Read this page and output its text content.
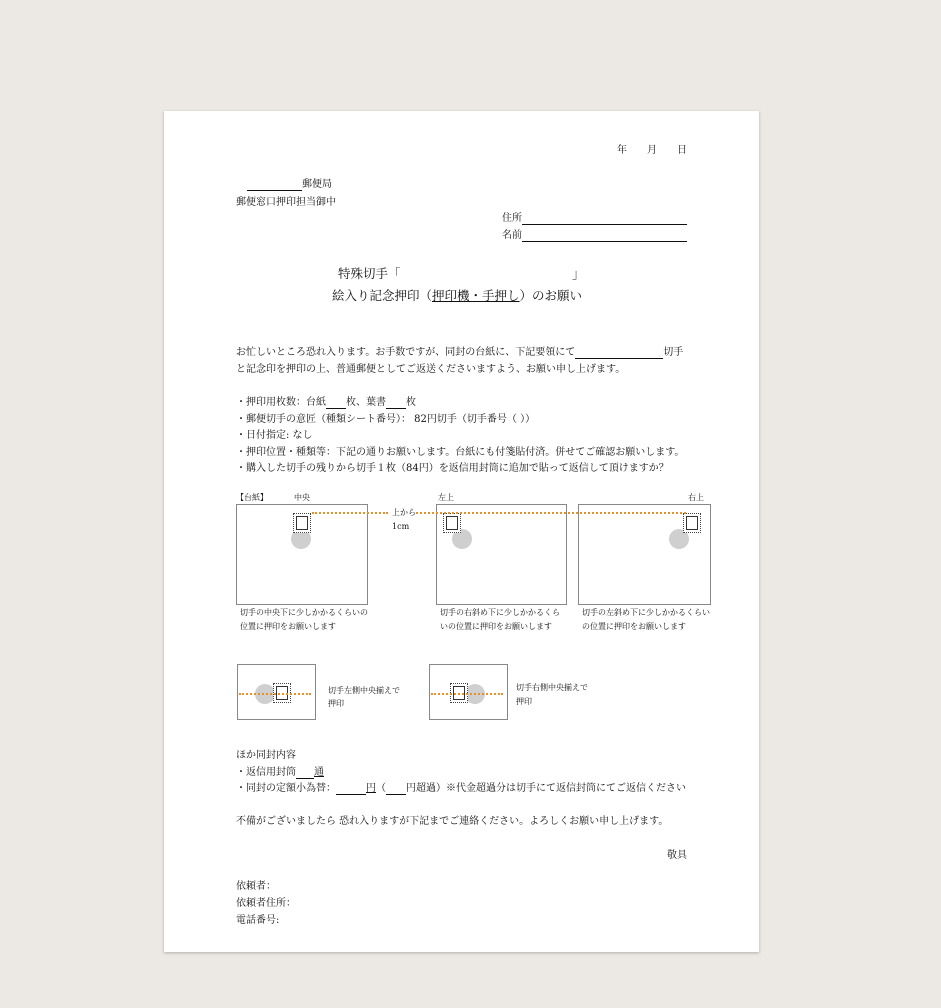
年 月 日
郵便局
郵便窓口押印担当御中
住所
名前
特殊切手「	」
絵入り記念押印（押印機・手押し）のお願い
お忙しいところ恐れ入ります。お手数ですが、同封の台紙に、下記要領にて	切手
と記念印を押印の上、普通郵便としてご返送くださいますよう、お願い申し上げます。
・押印用枚数：台紙 枚、葉書 枚
・郵便切手の意匠（種類シート番号）： 82円切手（切手番号（ ））
・日付指定: なし
・押印位置・種類等：下記の通りお願いします。台紙にも付箋貼付済。併せてご確認お願いします。
・購入した切手の残りから切手１枚（84円）を返信用封筒に追加で貼って返信して頂けますか？
【台紙】	中央	左上	右上
上から
1cm
切手の中央下に少しかかるくらいの
位置に押印をお願いします
切手の右斜め下に少しかかるくら
いの位置に押印をお願いします
切手の左斜め下に少しかかるくらい
の位置に押印をお願いします
切手左側中央揃えで
押印
切手右側中央揃えで
押印
ほか同封内容
・返信用封筒 通
・同封の定額小為替：	円（ 円超過）※代金超過分は切手にて返信封筒にてご返信ください
不備がございましたら 恐れ入りますが下記までご連絡ください。よろしくお願い申し上げます。
敬具
依頼者：
依頼者住所：
電話番号:
